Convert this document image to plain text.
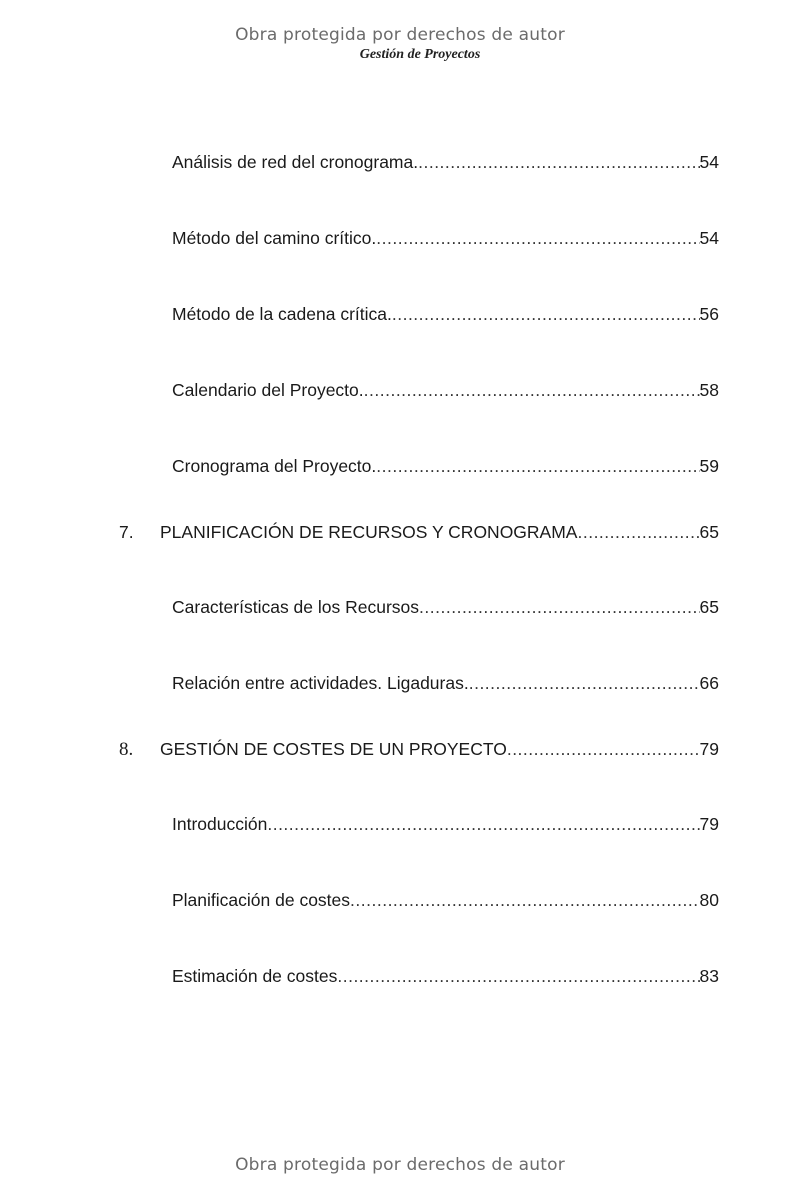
Obra protegida por derechos de autor
Gestión de Proyectos
Análisis de red del cronograma. .....	54
Método del camino crítico. .....	54
Método de la cadena crítica. .....	56
Calendario del Proyecto. .....	58
Cronograma del Proyecto. .....	59
7.	PLANIFICACIÓN DE RECURSOS Y CRONOGRAMA .....	65
Características de los Recursos .....	65
Relación entre actividades. Ligaduras. .....	66
8.	GESTIÓN DE COSTES DE UN PROYECTO .....	79
Introducción .....	79
Planificación de costes .....	80
Estimación de costes .....	83
Obra protegida por derechos de autor
